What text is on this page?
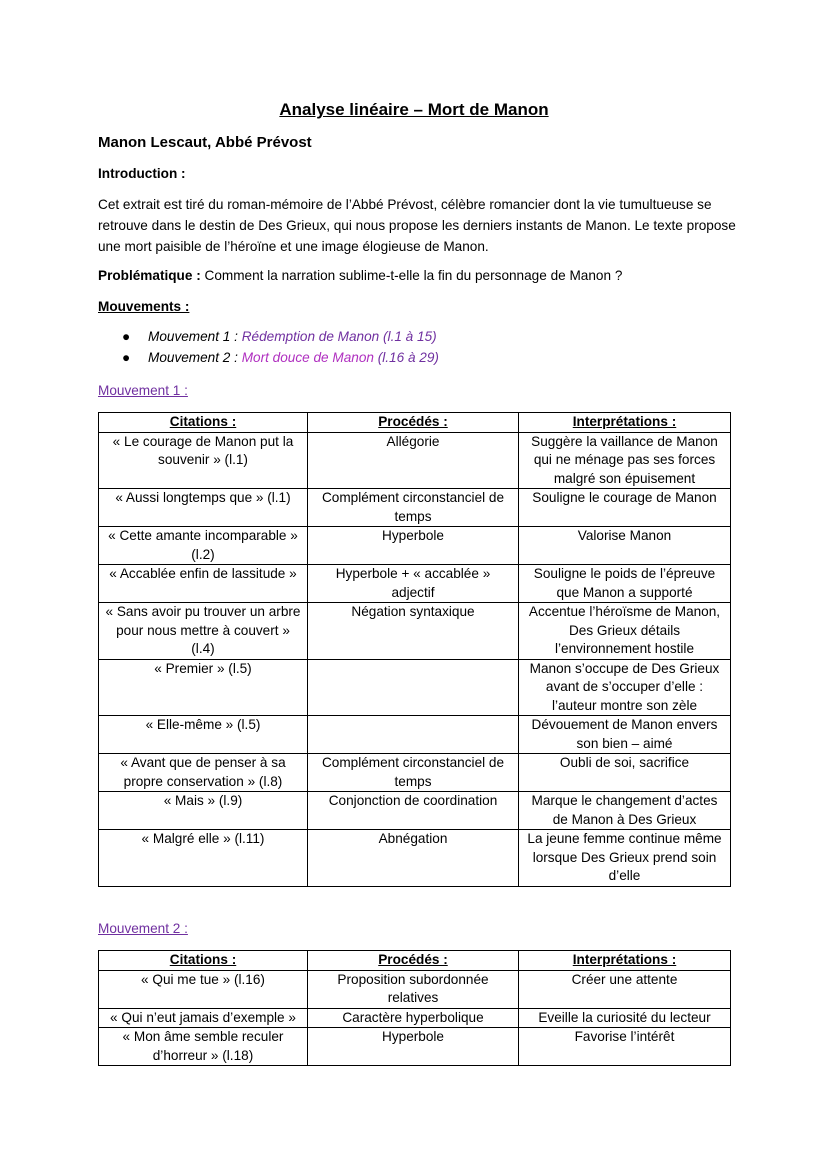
Analyse linéaire – Mort de Manon
Manon Lescaut, Abbé Prévost
Introduction :
Cet extrait est tiré du roman-mémoire de l’Abbé Prévost, célèbre romancier dont la vie tumultueuse se retrouve dans le destin de Des Grieux, qui nous propose les derniers instants de Manon. Le texte propose une mort paisible de l’héroïne et une image élogieuse de Manon.
Problématique : Comment la narration sublime-t-elle la fin du personnage de Manon ?
Mouvements :
● Mouvement 1 : Rédemption de Manon (l.1 à 15)
● Mouvement 2 : Mort douce de Manon (l.16 à 29)
Mouvement 1 :
Citations :	Procédés :	Interprétations :
« Le courage de Manon put la souvenir » (l.1)	Allégorie	Suggère la vaillance de Manon qui ne ménage pas ses forces malgré son épuisement
« Aussi longtemps que » (l.1)	Complément circonstanciel de temps	Souligne le courage de Manon
« Cette amante incomparable » (l.2)	Hyperbole	Valorise Manon
« Accablée enfin de lassitude »	Hyperbole + « accablée » adjectif	Souligne le poids de l’épreuve que Manon a supporté
« Sans avoir pu trouver un arbre pour nous mettre à couvert » (l.4)	Négation syntaxique	Accentue l’héroïsme de Manon, Des Grieux détails l’environnement hostile
« Premier » (l.5)		Manon s’occupe de Des Grieux avant de s’occuper d’elle : l’auteur montre son zèle
« Elle-même » (l.5)		Dévouement de Manon envers son bien – aimé
« Avant que de penser à sa propre conservation » (l.8)	Complément circonstanciel de temps	Oubli de soi, sacrifice
« Mais » (l.9)	Conjonction de coordination	Marque le changement d’actes de Manon à Des Grieux
« Malgré elle » (l.11)	Abnégation	La jeune femme continue même lorsque Des Grieux prend soin d’elle
Mouvement 2 :
Citations :	Procédés :	Interprétations :
« Qui me tue » (l.16)	Proposition subordonnée relatives	Créer une attente
« Qui n’eut jamais d’exemple »	Caractère hyperbolique	Eveille la curiosité du lecteur
« Mon âme semble reculer d’horreur » (l.18)	Hyperbole	Favorise l’intérêt
